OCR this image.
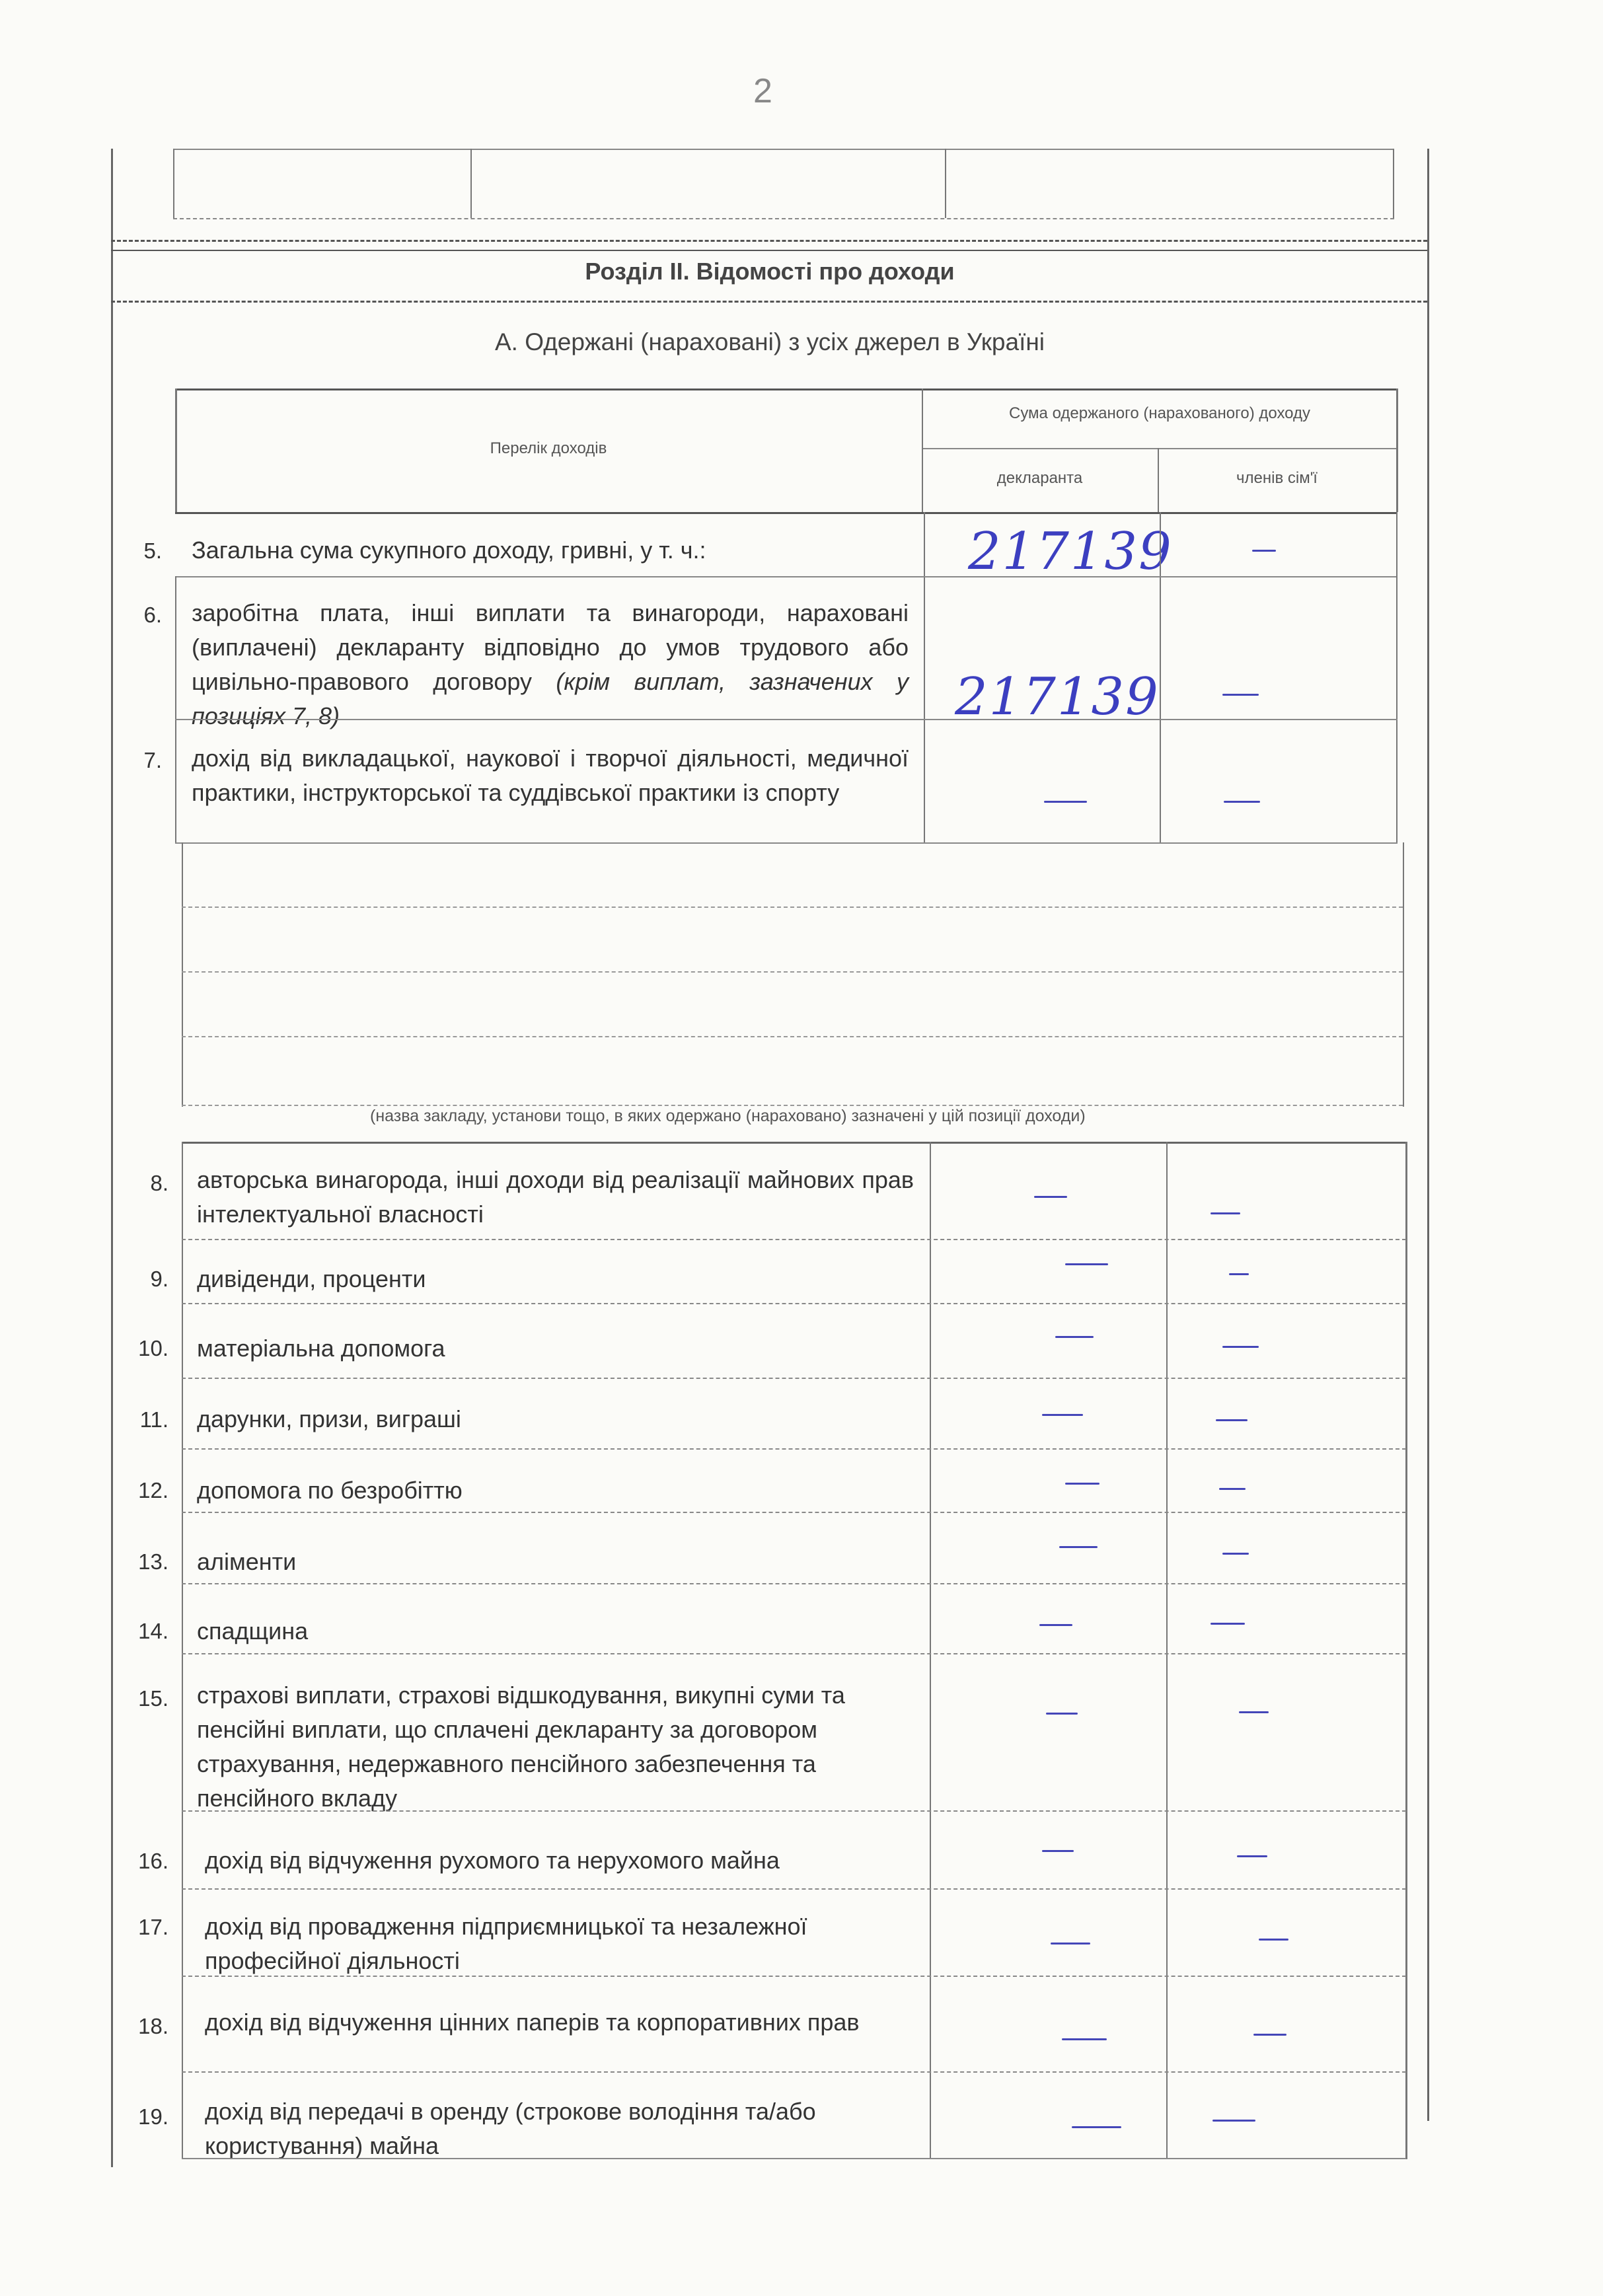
2
Розділ II. Відомості про доходи
А. Одержані (нараховані) з усіх джерел в Україні
Перелік доходів
Сума одержаного (нарахованого) доходу
декларанта	членів сім'ї
5. Загальна сума сукупного доходу, гривні, у т. ч.:	217139
6. заробітна плата, інші виплати та винагороди, нараховані (виплачені) декларанту відповідно до умов трудового або цивільно-правового договору (крім виплат, зазначених у позиціях 7, 8)	217139
7. дохід від викладацької, наукової і творчої діяльності, медичної практики, інструкторської та суддівської практики із спорту
(назва закладу, установи тощо, в яких одержано (нараховано) зазначені у цій позиції доходи)
8. авторська винагорода, інші доходи від реалізації майнових прав інтелектуальної власності
9. дивіденди, проценти
10. матеріальна допомога
11. дарунки, призи, виграші
12. допомога по безробіттю
13. аліменти
14. спадщина
15. страхові виплати, страхові відшкодування, викупні суми та пенсійні виплати, що сплачені декларанту за договором страхування, недержавного пенсійного забезпечення та пенсійного вкладу
16. дохід від відчуження рухомого та нерухомого майна
17. дохід від провадження підприємницької та незалежної професійної діяльності
18. дохід від відчуження цінних паперів та корпоративних прав
19. дохід від передачі в оренду (строкове володіння та/або користування) майна
